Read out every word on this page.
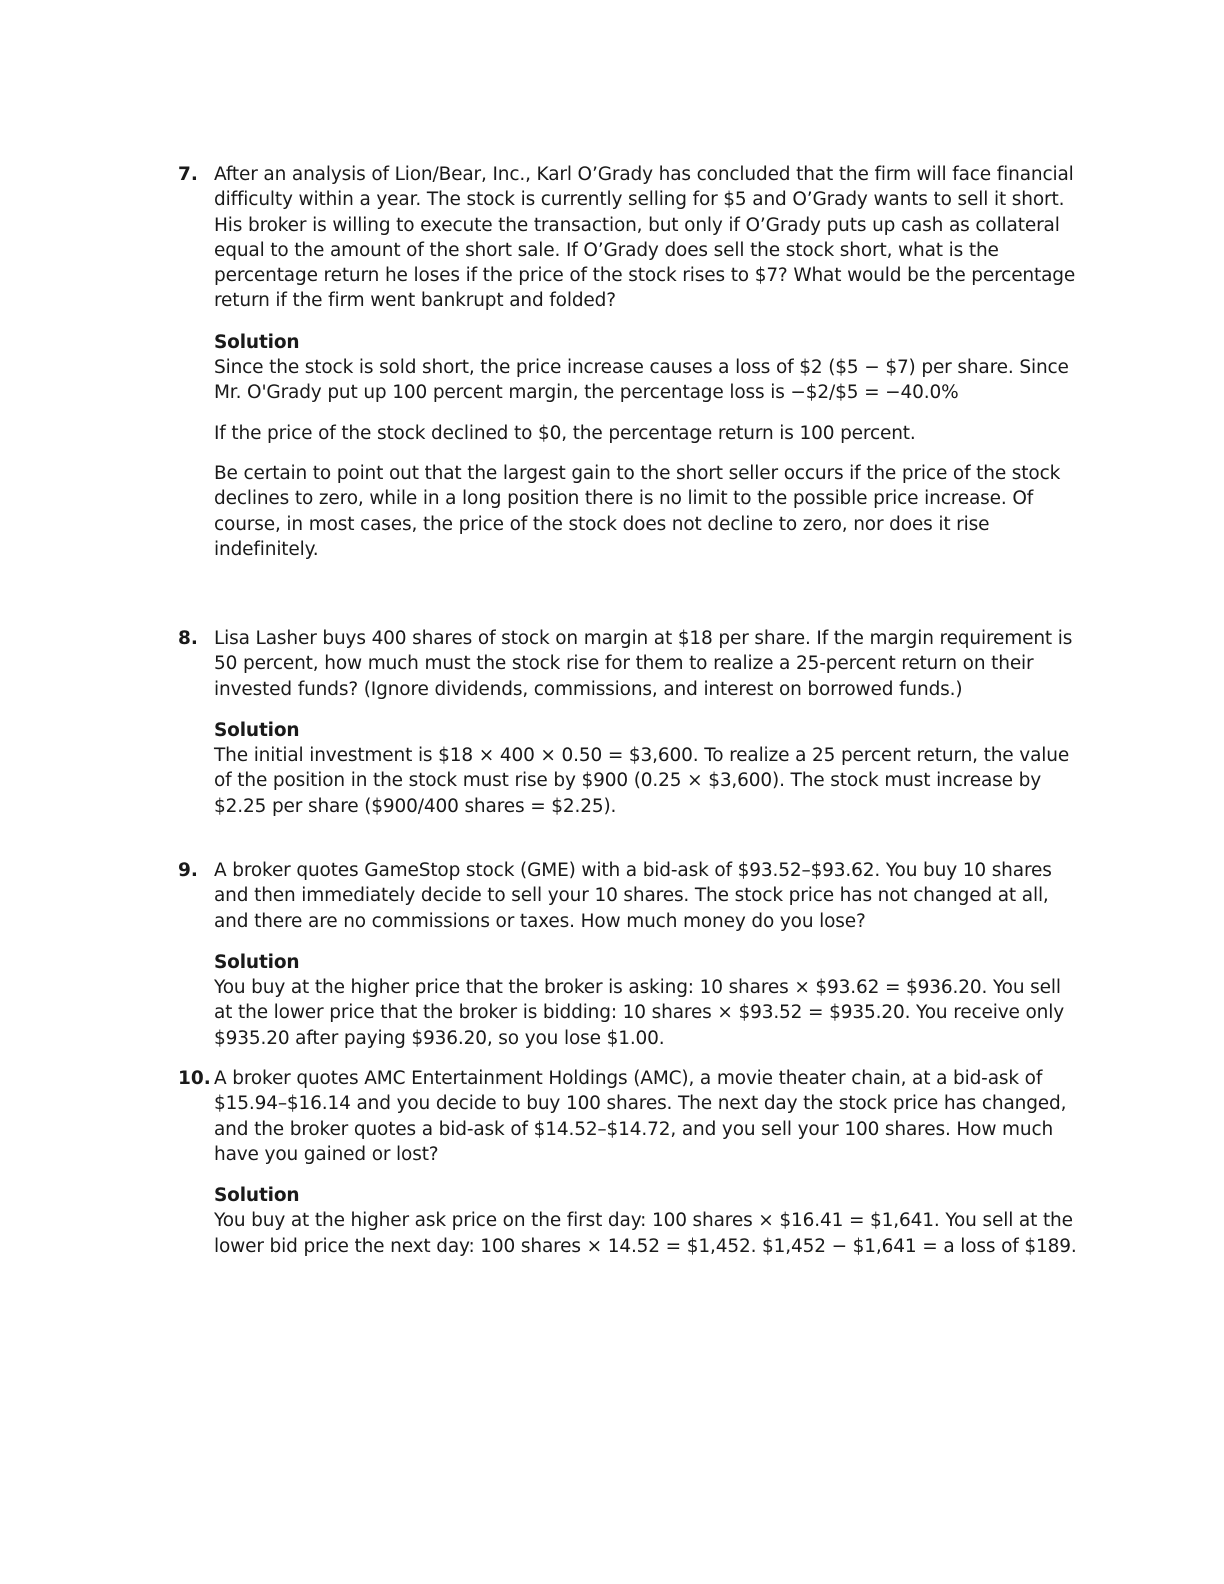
7. After an analysis of Lion/Bear, Inc., Karl O’Grady has concluded that the firm will face financial difficulty within a year. The stock is currently selling for $5 and O’Grady wants to sell it short. His broker is willing to execute the transaction, but only if O’Grady puts up cash as collateral equal to the amount of the short sale. If O’Grady does sell the stock short, what is the percentage return he loses if the price of the stock rises to $7? What would be the percentage return if the firm went bankrupt and folded?

Solution

Since the stock is sold short, the price increase causes a loss of $2 ($5 − $7) per share. Since Mr. O'Grady put up 100 percent margin, the percentage loss is −$2/$5 = −40.0%

If the price of the stock declined to $0, the percentage return is 100 percent.

Be certain to point out that the largest gain to the short seller occurs if the price of the stock declines to zero, while in a long position there is no limit to the possible price increase. Of course, in most cases, the price of the stock does not decline to zero, nor does it rise indefinitely.

8. Lisa Lasher buys 400 shares of stock on margin at $18 per share. If the margin requirement is 50 percent, how much must the stock rise for them to realize a 25-percent return on their invested funds? (Ignore dividends, commissions, and interest on borrowed funds.)

Solution

The initial investment is $18 × 400 × 0.50 = $3,600. To realize a 25 percent return, the value of the position in the stock must rise by $900 (0.25 × $3,600). The stock must increase by $2.25 per share ($900/400 shares = $2.25).

9. A broker quotes GameStop stock (GME) with a bid-ask of $93.52–$93.62. You buy 10 shares and then immediately decide to sell your 10 shares. The stock price has not changed at all, and there are no commissions or taxes. How much money do you lose?

Solution

You buy at the higher price that the broker is asking: 10 shares × $93.62 = $936.20. You sell at the lower price that the broker is bidding: 10 shares × $93.52 = $935.20. You receive only $935.20 after paying $936.20, so you lose $1.00.

10. A broker quotes AMC Entertainment Holdings (AMC), a movie theater chain, at a bid-ask of $15.94–$16.14 and you decide to buy 100 shares. The next day the stock price has changed, and the broker quotes a bid-ask of $14.52–$14.72, and you sell your 100 shares. How much have you gained or lost?

Solution

You buy at the higher ask price on the first day: 100 shares × $16.41 = $1,641. You sell at the lower bid price the next day: 100 shares × 14.52 = $1,452. $1,452 − $1,641 = a loss of $189.
